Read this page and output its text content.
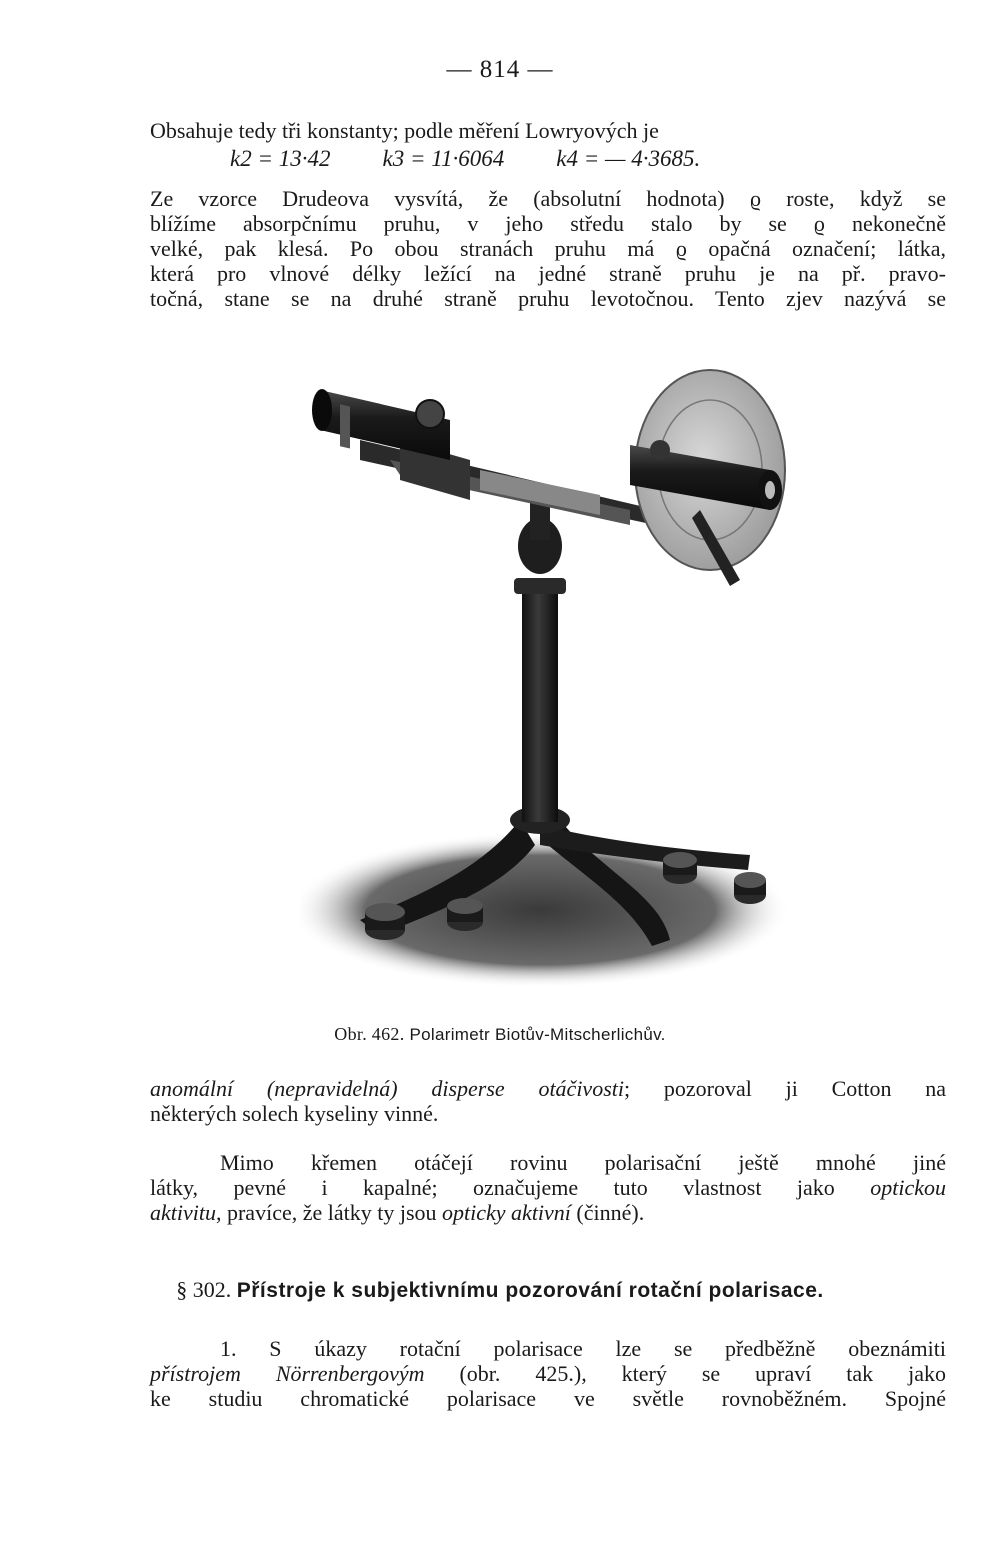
— 814 —
Obsahuje tedy tři konstanty; podle měření Lowryových je
k2 = 13·42 k3 = 11·6064 k4 = — 4·3685.
Ze vzorce Drudeova vysvítá, že (absolutní hodnota) ϱ roste, když se
blížíme absorpčnímu pruhu, v jeho středu stalo by se ϱ nekonečně
velké, pak klesá. Po obou stranách pruhu má ϱ opačná označení; látka,
která pro vlnové délky ležící na jedné straně pruhu je na př. pravo-
točná, stane se na druhé straně pruhu levotočnou. Tento zjev nazývá se
Obr. 462. Polarimetr Biotův-Mitscherlichův.
anomální (nepravidelná) disperse otáčivosti; pozoroval ji Cotton na
některých solech kyseliny vinné.
Mimo křemen otáčejí rovinu polarisační ještě mnohé jiné
látky, pevné i kapalné; označujeme tuto vlastnost jako optickou
aktivitu, pravíce, že látky ty jsou opticky aktivní (činné).
§ 302. Přístroje k subjektivnímu pozorování rotační polarisace.
1. S úkazy rotační polarisace lze se předběžně obeznámiti
přístrojem Nörrenbergovým (obr. 425.), který se upraví tak jako
ke studiu chromatické polarisace ve světle rovnoběžném. Spojné
